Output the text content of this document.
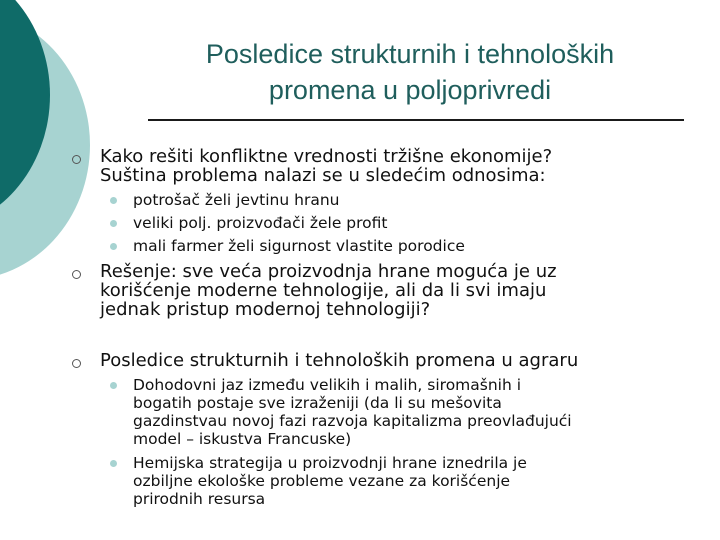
Posledice strukturnih i tehnoloških
promena u poljoprivredi
Kako rešiti konfliktne vrednosti tržišne ekonomije?
Suština problema nalazi se u sledećim odnosima:
potrošač želi jevtinu hranu
veliki polj. proizvođači žele profit
mali farmer želi sigurnost vlastite porodice
Rešenje: sve veća proizvodnja hrane moguća je uz
korišćenje moderne tehnologije, ali da li svi imaju
jednak pristup modernoj tehnologiji?
Posledice strukturnih i tehnoloških promena u agraru
Dohodovni jaz između velikih i malih, siromašnih i
bogatih postaje sve izraženiji (da li su mešovita
gazdinstvau novoj fazi razvoja kapitalizma preovlađujući
model – iskustva Francuske)
Hemijska strategija u proizvodnji hrane iznedrila je
ozbiljne ekološke probleme vezane za korišćenje
prirodnih resursa
